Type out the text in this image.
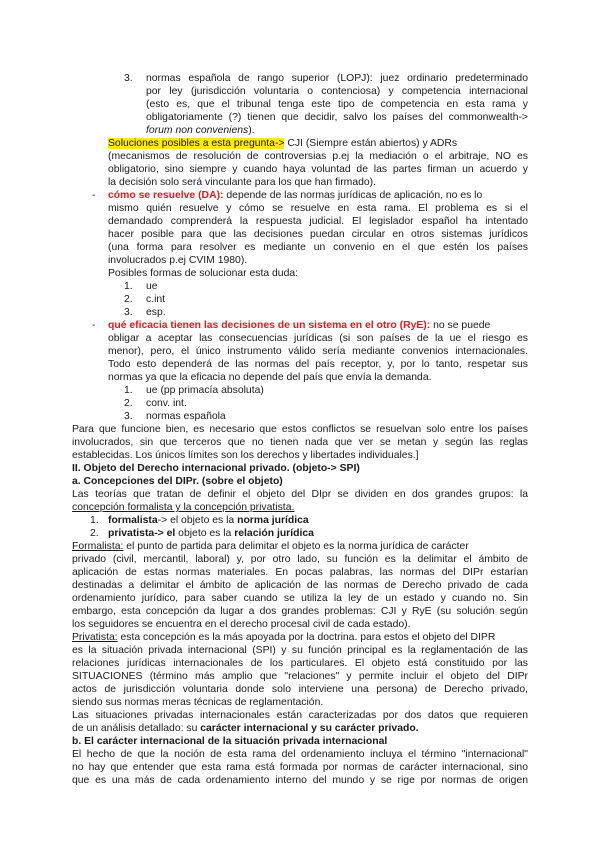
3. normas española de rango superior (LOPJ): juez ordinario predeterminado
por ley (jurisdicción voluntaria o contenciosa) y competencia internacional
(esto es, que el tribunal tenga este tipo de competencia en esta rama y
obligatoriamente (?) tienen que decidir, salvo los países del commonwealth->
forum non conveniens).
Soluciones posibles a esta pregunta-> CJI (Siempre están abiertos) y ADRs
(mecanismos de resolución de controversias p.ej la mediación o el arbitraje, NO es
obligatorio, sino siempre y cuando haya voluntad de las partes firman un acuerdo y
la decisión solo será vinculante para los que han firmado).
- cómo se resuelve (DA): depende de las normas jurídicas de aplicación, no es lo
mismo quién resuelve y cómo se resuelve en esta rama. El problema es si el
demandado comprenderá la respuesta judicial. El legislador español ha intentado
hacer posible para que las decisiones puedan circular en otros sistemas jurídicos
(una forma para resolver es mediante un convenio en el que estén los países
involucrados p.ej CVIM 1980).
Posibles formas de solucionar esta duda:
1. ue
2. c.int
3. esp.
- qué eficacia tienen las decisiones de un sistema en el otro (RyE): no se puede
obligar a aceptar las consecuencias jurídicas (si son países de la ue el riesgo es
menor), pero, el único instrumento válido sería mediante convenios internacionales.
Todo esto dependerá de las normas del país receptor, y, por lo tanto, respetar sus
normas ya que la eficacia no depende del país que envía la demanda.
1. ue (pp primacía absoluta)
2. conv. int.
3. normas española
Para que funcione bien, es necesario que estos conflictos se resuelvan solo entre los países
involucrados, sin que terceros que no tienen nada que ver se metan y según las reglas
establecidas. Los únicos límites son los derechos y libertades individuales.]
II. Objeto del Derecho internacional privado. (objeto-> SPI)
a. Concepciones del DIPr. (sobre el objeto)
Las teorías que tratan de definir el objeto del DIpr se dividen en dos grandes grupos: la
concepción formalista y la concepción privatista.
1. formalista-> el objeto es la norma jurídica
2. privatista-> el objeto es la relación jurídica
Formalista: el punto de partida para delimitar el objeto es la norma jurídica de carácter
privado (civil, mercantil, laboral) y, por otro lado, su función es la delimitar el ámbito de
aplicación de estas normas materiales. En pocas palabras, las normas del DIPr estarían
destinadas a delimitar el ámbito de aplicación de las normas de Derecho privado de cada
ordenamiento jurídico, para saber cuando se utiliza la ley de un estado y cuando no. Sin
embargo, esta concepción da lugar a dos grandes problemas: CJI y RyE (su solución según
los seguidores se encuentra en el derecho procesal civil de cada estado).
Privatista: esta concepción es la más apoyada por la doctrina. para estos el objeto del DIPR
es la situación privada internacional (SPI) y su función principal es la reglamentación de las
relaciones jurídicas internacionales de los particulares. El objeto está constituido por las
SITUACIONES (término más amplio que "relaciones" y permite incluir el objeto del DIPr
actos de jurisdicción voluntaria donde solo interviene una persona) de Derecho privado,
siendo sus normas meras técnicas de reglamentación.
Las situaciones privadas internacionales están caracterizadas por dos datos que requieren
de un análisis detallado: su carácter internacional y su carácter privado.
b. El carácter internacional de la situación privada internacional
El hecho de que la noción de esta rama del ordenamiento incluya el término "internacional"
no hay que entender que esta rama está formada por normas de carácter internacional, sino
que es una más de cada ordenamiento interno del mundo y se rige por normas de origen
